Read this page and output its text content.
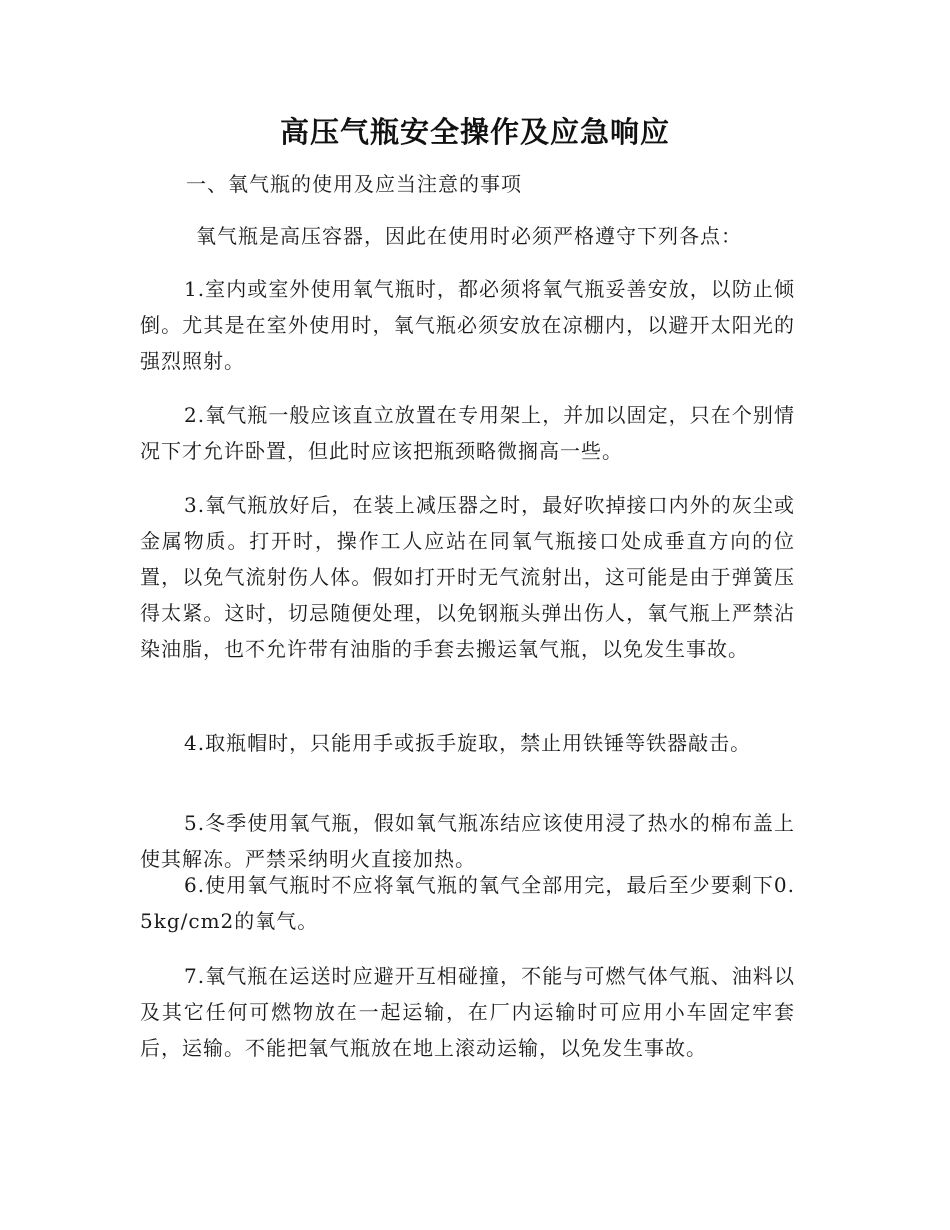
高压气瓶安全操作及应急响应
一、氧气瓶的使用及应当注意的事项
氧气瓶是高压容器，因此在使用时必须严格遵守下列各点：
1.室内或室外使用氧气瓶时，都必须将氧气瓶妥善安放，以防止倾倒。尤其是在室外使用时，氧气瓶必须安放在凉棚内，以避开太阳光的强烈照射。
2.氧气瓶一般应该直立放置在专用架上，并加以固定，只在个别情况下才允许卧置，但此时应该把瓶颈略微搁高一些。
3.氧气瓶放好后，在装上减压器之时，最好吹掉接口内外的灰尘或金属物质。打开时，操作工人应站在同氧气瓶接口处成垂直方向的位置，以免气流射伤人体。假如打开时无气流射出，这可能是由于弹簧压得太紧。这时，切忌随便处理，以免钢瓶头弹出伤人，氧气瓶上严禁沾染油脂，也不允许带有油脂的手套去搬运氧气瓶，以免发生事故。
4.取瓶帽时，只能用手或扳手旋取，禁止用铁锤等铁器敲击。
5.冬季使用氧气瓶，假如氧气瓶冻结应该使用浸了热水的棉布盖上使其解冻。严禁采纳明火直接加热。
6.使用氧气瓶时不应将氧气瓶的氧气全部用完，最后至少要剩下0.5kg/cm2的氧气。
7.氧气瓶在运送时应避开互相碰撞，不能与可燃气体气瓶、油料以及其它任何可燃物放在一起运输，在厂内运输时可应用小车固定牢套后，运输。不能把氧气瓶放在地上滚动运输，以免发生事故。
